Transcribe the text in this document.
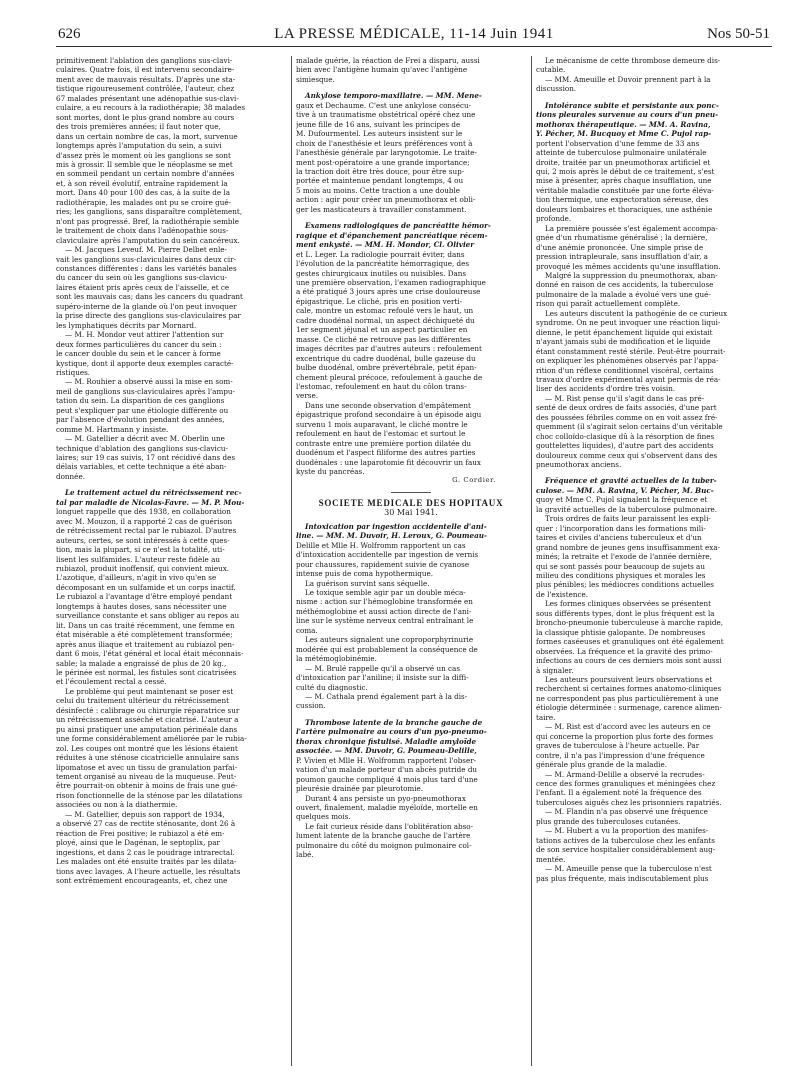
626	LA PRESSE MÉDICALE, 11-14 Juin 1941	Nos 50-51
primitivement l'ablation des ganglions sus-clavi-
culaires. Quatre fois, il est intervenu secondaire-
ment avec de mauvais résultats. D'après une sta-
tistique rigoureusement contrôlée, l'auteur, chez
67 malades présentant une adénopathie sus-clavi-
culaire, a eu recours à la radiothérapie; 38 malades
sont mortes, dont le plus grand nombre au cours
des trois premières années; il faut noter que,
dans un certain nombre de cas, la mort, survenue
longtemps après l'amputation du sein, a suivi
d'assez près le moment où les ganglions se sont
mis à grossir. Il semble que le néoplasme se met
en sommeil pendant un certain nombre d'années
et, à son réveil évolutif, entraîne rapidement la
mort. Dans 40 pour 100 des cas, à la suite de la
radiothérapie, les malades ont pu se croire gué-
ries; les ganglions, sans disparaître complètement,
n'ont pas progressé. Bref, la radiothérapie semble
le traitement de choix dans l'adénopathie sous-
claviculaire après l'amputation du sein cancéreux.
— M. Jacques Leveuf. M. Pierre Delbet enle-
vait les ganglions sus-claviculaires dans deux cir-
constances différentes : dans les variétés banales
du cancer du sein où les ganglions sus-clavicu-
laires étaient pris après ceux de l'aisselle, et ce
sont les mauvais cas; dans les cancers du quadrant
supéro-interne de la glande où l'on peut invoquer
la prise directe des ganglions sus-claviculaires par
les lymphatiques décrits par Mornard.
— M. H. Mondor veut attirer l'attention sur
deux formes particulières du cancer du sein :
le cancer double du sein et le cancer à forme
kystique, dont il apporte deux exemples caracté-
ristiques.
— M. Rouhier a observé aussi la mise en som-
meil de ganglions sus-claviculaires après l'ampu-
tation du sein. La disparition de ces ganglions
peut s'expliquer par une étiologie différente ou
par l'absence d'évolution pendant des années,
comme M. Hartmann y insiste.
— M. Gatellier a décrit avec M. Oberlin une
technique d'ablation des ganglions sus-clavicu-
laires; sur 19 cas suivis, 17 ont récidivé dans des
délais variables, et cette technique a été aban-
donnée.
Le traitement actuel du rétrécissement rec-
tal par maladie de Nicolas-Favre. — M. P. Mou-
longuet rappelle que dès 1938, en collaboration
avec M. Mouzon, il a rapporté 2 cas de guérison
de rétrécissement rectal par le rubiazol. D'autres
auteurs, certes, se sont intéressés à cette ques-
tion, mais la plupart, si ce n'est la totalité, uti-
lisent les sulfamides. L'auteur reste fidèle au
rubiazol, produit inoffensif, qui convient mieux.
L'azotique, d'ailleurs, n'agit in vivo qu'en se
décomposant en un sulfamide et un corps inactif.
Le rubiazol a l'avantage d'être employé pendant
longtemps à hautes doses, sans nécessiter une
surveillance constante et sans obliger au repos au
lit. Dans un cas traité récemment, une femme en
état misérable a été complètement transformée;
après anus iliaque et traitement au rubiazol pen-
dant 6 mois, l'état général et local était méconnais-
sable; la malade a engraissé de plus de 20 kg.,
le périnée est normal, les fistules sont cicatrisées
et l'écoulement rectal a cessé.
Le problème qui peut maintenant se poser est
celui du traitement ultérieur du rétrécissement
désinfecté : calibrage ou chirurgie réparatrice sur
un rétrécissement asséché et cicatrisé. L'auteur a
pu ainsi pratiquer une amputation périnéale dans
une forme considérablement améliorée par le rubia-
zol. Les coupes ont montré que les lésions étaient
réduites à une sténose cicatricielle annulaire sans
lipomatose et avec un tissu de granulation parfai-
tement organisé au niveau de la muqueuse. Peut-
être pourrait-on obtenir à moins de frais une gué-
rison fonctionnelle de la sténose par les dilatations
associées ou non à la diathermie.
— M. Gatellier, depuis son rapport de 1934,
a observé 27 cas de rectite sténosante, dont 26 à
réaction de Frei positive; le rubiazol a été em-
ployé, ainsi que le Dagénan, le septoplix, par
ingestions, et dans 2 cas le poudrage intrarectal.
Les malades ont été ensuite traités par les dilata-
tions avec lavages. A l'heure actuelle, les résultats
sont extrêmement encourageants, et, chez une
malade guérie, la réaction de Frei a disparu, aussi
bien avec l'antigène humain qu'avec l'antigène
simiesque.
Ankylose temporo-maxillaire. — MM. Mene-
gaux et Dechaume. C'est une ankylose consécu-
tive à un traumatisme obstétrical opéré chez une
jeune fille de 16 ans, suivant les principes de
M. Dufourmentel. Les auteurs insistent sur le
choix de l'anesthésie et leurs préférences vont à
l'anesthésie générale par laryngotomie. Le traite-
ment post-opératoire a une grande importance;
la traction doit être très douce, pour être sup-
portée et maintenue pendant longtemps, 4 ou
5 mois au moins. Cette traction a une double
action : agir pour créer un pneumothorax et obli-
ger les masticateurs à travailler constamment.
Examens radiologiques de pancréatite hémor-
ragique et d'épanchement pancréatique récem-
ment enkysté. — MM. H. Mondor, Cl. Olivier
et L. Leger. La radiologie pourrait éviter, dans
l'évolution de la pancréatite hémorragique, des
gestes chirurgicaux inutiles ou nuisibles. Dans
une première observation, l'examen radiographique
a été pratiqué 3 jours après une crise douloureuse
épigastrique. Le cliché, pris en position verti-
cale, montre un estomac refoulé vers le haut, un
cadre duodénal normal, un aspect déchiqueté du
1er segment jéjunal et un aspect particulier en
masse. Ce cliché ne retrouve pas les différentes
images décrites par d'autres auteurs : refoulement
excentrique du cadre duodénal, bulle gazeuse du
bulbe duodénal, ombre prévertébrale, petit épan-
chement pleural précoce, refoulement à gauche de
l'estomac, refoulement en haut du côlon trans-
verse.
Dans une seconde observation d'empâtement
épigastrique profond secondaire à un épisode aigu
survenu 1 mois auparavant, le cliché montre le
refoulement en haut de l'estomac et surtout le
contraste entre une première portion dilatée du
duodénum et l'aspect filiforme des autres parties
duodénales : une laparotomie fit découvrir un faux
kyste du pancréas.
G. Cordier.
SOCIÉTÉ MÉDICALE DES HOPITAUX
30 Mai 1941.
Intoxication par ingestion accidentelle d'ani-
line. — MM. M. Duvoir, H. Leroux, G. Poumeau-
Delille et Mlle H. Wolfromm rapportent un cas
d'intoxication accidentelle par ingestion de vernis
pour chaussures, rapidement suivie de cyanose
intense puis de coma hypothermique.
La guérison survint sans séquelle.
Le toxique semble agir par un double méca-
nisme : action sur l'hémoglobine transformée en
méthémoglobine et aussi action directe de l'ani-
line sur le système nerveux central entraînant le
coma.
Les auteurs signalent une coproporphyrinurie
modérée qui est probablement la conséquence de
la métémoglobinémie.
— M. Brulé rappelle qu'il a observé un cas
d'intoxication par l'aniline; il insiste sur la diffi-
culté du diagnostic.
— M. Cathala prend également part à la dis-
cussion.
Thrombose latente de la branche gauche de
l'artère pulmonaire au cours d'un pyo-pneumo-
thorax chronique fistulisé. Maladie amyloïde
associée. — MM. Duvoir, G. Poumeau-Delille,
P. Vivien et Mlle H. Wolfromm rapportent l'obser-
vation d'un malade porteur d'un abcès putride du
poumon gauche compliqué 4 mois plus tard d'une
pleurésie drainée par pleurotomie.
Durant 4 ans persiste un pyo-pneumothorax
ouvert, finalement, maladie myéloïde, mortelle en
quelques mois.
Le fait curieux réside dans l'oblitération abso-
lument latente de la branche gauche de l'artère
pulmonaire du côté du moignon pulmonaire col-
labé.
Le mécanisme de cette thrombose demeure dis-
cutable.
— MM. Ameuille et Duvoir prennent part à la
discussion.
Intolérance subite et persistante aux ponc-
tions pleurales survenue au cours d'un pneu-
mothorax thérapeutique. — MM. A. Ravina,
Y. Pécher, M. Bucquoy et Mme C. Pujol rap-
portent l'observation d'une femme de 33 ans
atteinte de tuberculose pulmonaire unilatérale
droite, traitée par un pneumothorax artificiel et
qui, 2 mois après le début de ce traitement, s'est
mise à présenter, après chaque insufflation, une
véritable maladie constituée par une forte éléva-
tion thermique, une expectoration séreuse, des
douleurs lombaires et thoraciques, une asthénie
profonde.
La première poussée s'est également accompa-
gnée d'un rhumatisme généralisé ; la dernière,
d'une anémie prononcée. Une simple prise de
pression intrapleurale, sans insufflation d'air, a
provoqué les mêmes accidents qu'une insufflation.
Malgré la suppression du pneumothorax, aban-
donné en raison de ces accidents, la tuberculose
pulmonaire de la malade a évolué vers une gué-
rison qui paraît actuellement complète.
Les auteurs discutent la pathogénie de ce curieux
syndrome. On ne peut invoquer une réaction liqui-
dienne, le petit épanchement liquide qui existait
n'ayant jamais subi de modification et le liquide
étant constamment resté stérile. Peut-être pourrait-
on expliquer les phénomènes observés par l'appa-
rition d'un réflexe conditionnel viscéral, certains
travaux d'ordre expérimental ayant permis de réa-
liser des accidents d'ordre très voisin.
— M. Rist pense qu'il s'agit dans le cas pré-
senté de deux ordres de faits associés, d'une part
des poussées fébriles comme on en voit assez fré-
quemment (il s'agirait selon certains d'un véritable
choc colloïdo-clasique dû à la résorption de fines
gouttelettes liquides), d'autre part des accidents
douloureux comme ceux qui s'observent dans des
pneumothorax anciens.
Fréquence et gravité actuelles de la tuber-
culose. — MM. A. Ravina, V. Pécher, M. Buc-
quoy et Mme C. Pujol signalent la fréquence et
la gravité actuelles de la tuberculose pulmonaire.
Trois ordres de faits leur paraissent les expli-
quer : l'incorporation dans les formations mili-
taires et civiles d'anciens tuberculeux et d'un
grand nombre de jeunes gens insuffisamment exa-
minés; la retraite et l'exode de l'année dernière,
qui se sont passés pour beaucoup de sujets au
milieu des conditions physiques et morales les
plus pénibles; les médiocres conditions actuelles
de l'existence.
Les formes cliniques observées se présentent
sous différents types, dont le plus fréquent est la
broncho-pneumonie tuberculeuse à marche rapide,
la classique phtisie galopante. De nombreuses
formes caséeuses et granuliques ont été également
observées. La fréquence et la gravité des primo-
infections au cours de ces derniers mois sont aussi
à signaler.
Les auteurs poursuivent leurs observations et
recherchent si certaines formes anatomo-cliniques
ne correspondent pas plus particulièrement à une
étiologie déterminée : surmenage, carence alimen-
taire.
— M. Rist est d'accord avec les auteurs en ce
qui concerne la proportion plus forte des formes
graves de tuberculose à l'heure actuelle. Par
contre, il n'a pas l'impression d'une fréquence
générale plus grande de la maladie.
— M. Armand-Delille a observé la recrudes-
cence des formes granuliques et méningées chez
l'enfant. Il a également noté la fréquence des
tuberculoses aiguës chez les prisonniers rapatriés.
— M. Flandin n'a pas observé une fréquence
plus grande des tuberculoses cutanées.
— M. Hubert a vu la proportion des manifes-
tations actives de la tuberculose chez les enfants
de son service hospitalier considérablement aug-
mentée.
— M. Ameuille pense que la tuberculose n'est
pas plus fréquente, mais indiscutablement plus
